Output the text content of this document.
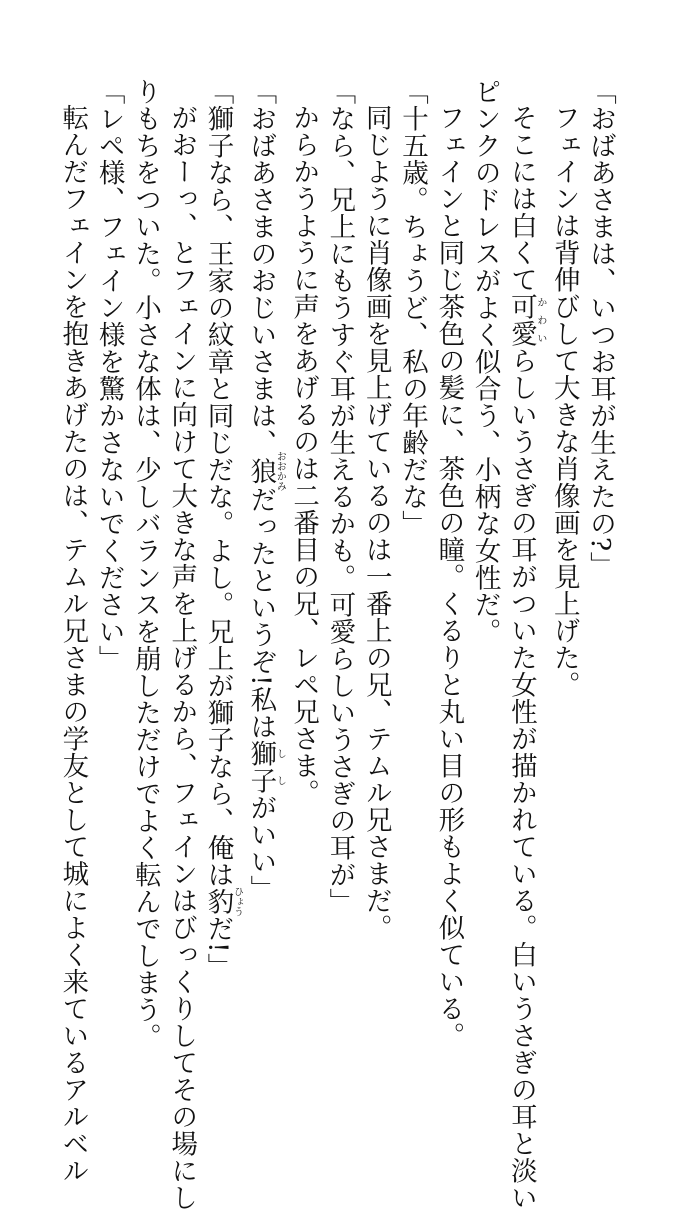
「おばあさまは、いつお耳が生えたの?」
フェインは背伸びして大きな肖像画を見上げた。
そこには白くて可愛かわいらしいうさぎの耳がついた女性が描かれている。白いうさぎの耳と淡い
ピンクのドレスがよく似合う、小柄な女性だ。
フェインと同じ茶色の髪に、茶色の瞳。くるりと丸い目の形もよく似ている。
「十五歳。ちょうど、私の年齢だな」
同じように肖像画を見上げているのは一番上の兄、テムル兄さまだ。
「なら、兄上にもうすぐ耳が生えるかも。可愛らしいうさぎの耳が」
からかうように声をあげるのは二番目の兄、レペ兄さま。
「おばあさまのおじいさまは、狼おおかみだったというぞ!私は獅子ししがいい」
「獅子なら、王家の紋章と同じだな。よし。兄上が獅子なら、俺は豹ひょうだ!」
がおーっ、とフェインに向けて大きな声を上げるから、フェインはびっくりしてその場にし
りもちをついた。小さな体は、少しバランスを崩しただけでよく転んでしまう。
「レペ様、フェイン様を驚かさないでください」
転んだフェインを抱きあげたのは、テムル兄さまの学友として城によく来ているアルベル
